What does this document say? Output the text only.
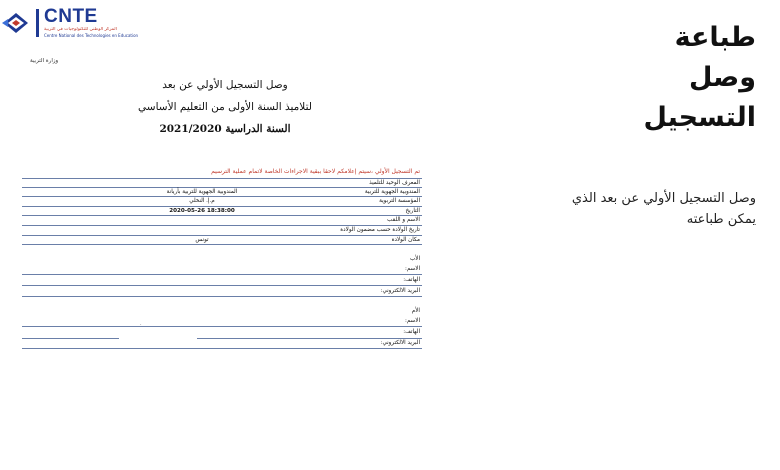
CNTE
المركز الوطني للتكنولوجيات في التربية
Centre National des Technologies en Education
وزارة التربية
وصل التسجيل الأولي عن بعد
لتلاميذ السنة الأولى من التعليم الأساسي
السنة الدراسية 2021/2020
تم التسجيل الأولي ،سيتم إعلامكم لاحقا ببقية الاجراءات الخاصة لاتمام عملية الترسيم
المعرف الوحيد للتلميذ
المندوبية الجهوية للتربية
المندوبية الجهوية للتربية بأريانة
المؤسسة التربوية
م.إ. النخلي
التاريخ
2020-05-26 18:38:00
الاسم و اللقب
تاريخ الولادة حسب مضمون الولادة
مكان الولادة
تونس
الأب
الاسم:
الهاتف:
البريد الالكتروني:
الأم
الاسم:
.
الهاتف:
البريد الالكتروني:
طباعة وصل
التسجيل
وصل التسجيل الأولي عن بعد الذي
يمكن طباعته
